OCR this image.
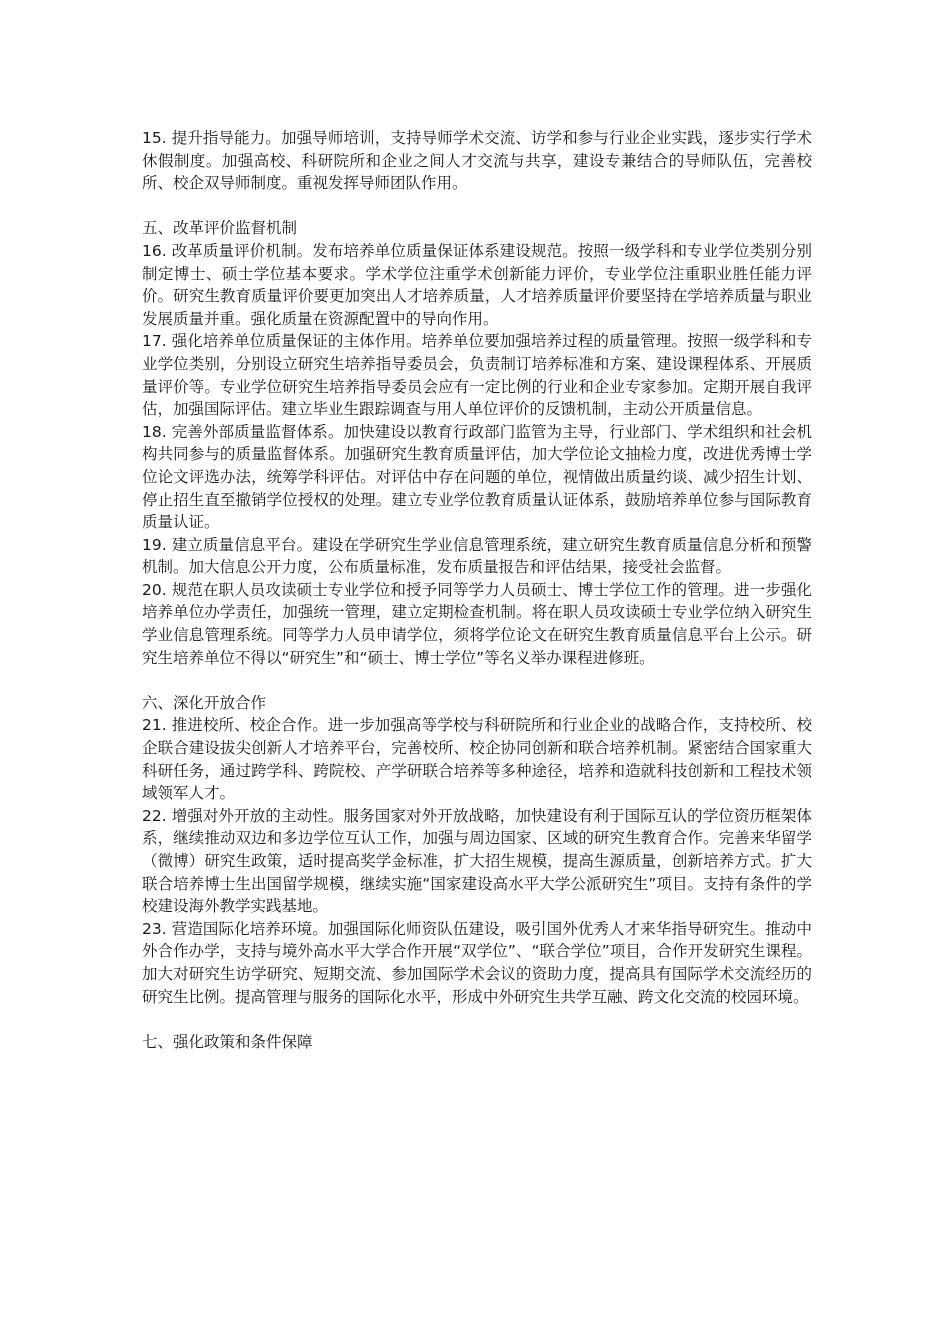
15. 提升指导能力。加强导师培训，支持导师学术交流、访学和参与行业企业实践，逐步实行学术休假制度。加强高校、科研院所和企业之间人才交流与共享，建设专兼结合的导师队伍，完善校所、校企双导师制度。重视发挥导师团队作用。

五、改革评价监督机制

16. 改革质量评价机制。发布培养单位质量保证体系建设规范。按照一级学科和专业学位类别分别制定博士、硕士学位基本要求。学术学位注重学术创新能力评价，专业学位注重职业胜任能力评价。研究生教育质量评价要更加突出人才培养质量，人才培养质量评价要坚持在学培养质量与职业发展质量并重。强化质量在资源配置中的导向作用。

17. 强化培养单位质量保证的主体作用。培养单位要加强培养过程的质量管理。按照一级学科和专业学位类别，分别设立研究生培养指导委员会，负责制订培养标准和方案、建设课程体系、开展质量评价等。专业学位研究生培养指导委员会应有一定比例的行业和企业专家参加。定期开展自我评估，加强国际评估。建立毕业生跟踪调查与用人单位评价的反馈机制，主动公开质量信息。

18. 完善外部质量监督体系。加快建设以教育行政部门监管为主导，行业部门、学术组织和社会机构共同参与的质量监督体系。加强研究生教育质量评估，加大学位论文抽检力度，改进优秀博士学位论文评选办法，统筹学科评估。对评估中存在问题的单位，视情做出质量约谈、减少招生计划、停止招生直至撤销学位授权的处理。建立专业学位教育质量认证体系，鼓励培养单位参与国际教育质量认证。

19. 建立质量信息平台。建设在学研究生学业信息管理系统，建立研究生教育质量信息分析和预警机制。加大信息公开力度，公布质量标准，发布质量报告和评估结果，接受社会监督。

20. 规范在职人员攻读硕士专业学位和授予同等学力人员硕士、博士学位工作的管理。进一步强化培养单位办学责任，加强统一管理，建立定期检查机制。将在职人员攻读硕士专业学位纳入研究生学业信息管理系统。同等学力人员申请学位，须将学位论文在研究生教育质量信息平台上公示。研究生培养单位不得以“研究生”和“硕士、博士学位”等名义举办课程进修班。

六、深化开放合作

21. 推进校所、校企合作。进一步加强高等学校与科研院所和行业企业的战略合作，支持校所、校企联合建设拔尖创新人才培养平台，完善校所、校企协同创新和联合培养机制。紧密结合国家重大科研任务，通过跨学科、跨院校、产学研联合培养等多种途径，培养和造就科技创新和工程技术领域领军人才。

22. 增强对外开放的主动性。服务国家对外开放战略，加快建设有利于国际互认的学位资历框架体系，继续推动双边和多边学位互认工作，加强与周边国家、区域的研究生教育合作。完善来华留学（微博）研究生政策，适时提高奖学金标准，扩大招生规模，提高生源质量，创新培养方式。扩大联合培养博士生出国留学规模，继续实施“国家建设高水平大学公派研究生”项目。支持有条件的学校建设海外教学实践基地。

23. 营造国际化培养环境。加强国际化师资队伍建设，吸引国外优秀人才来华指导研究生。推动中外合作办学，支持与境外高水平大学合作开展“双学位”、“联合学位”项目，合作开发研究生课程。加大对研究生访学研究、短期交流、参加国际学术会议的资助力度，提高具有国际学术交流经历的研究生比例。提高管理与服务的国际化水平，形成中外研究生共学互融、跨文化交流的校园环境。

七、强化政策和条件保障
